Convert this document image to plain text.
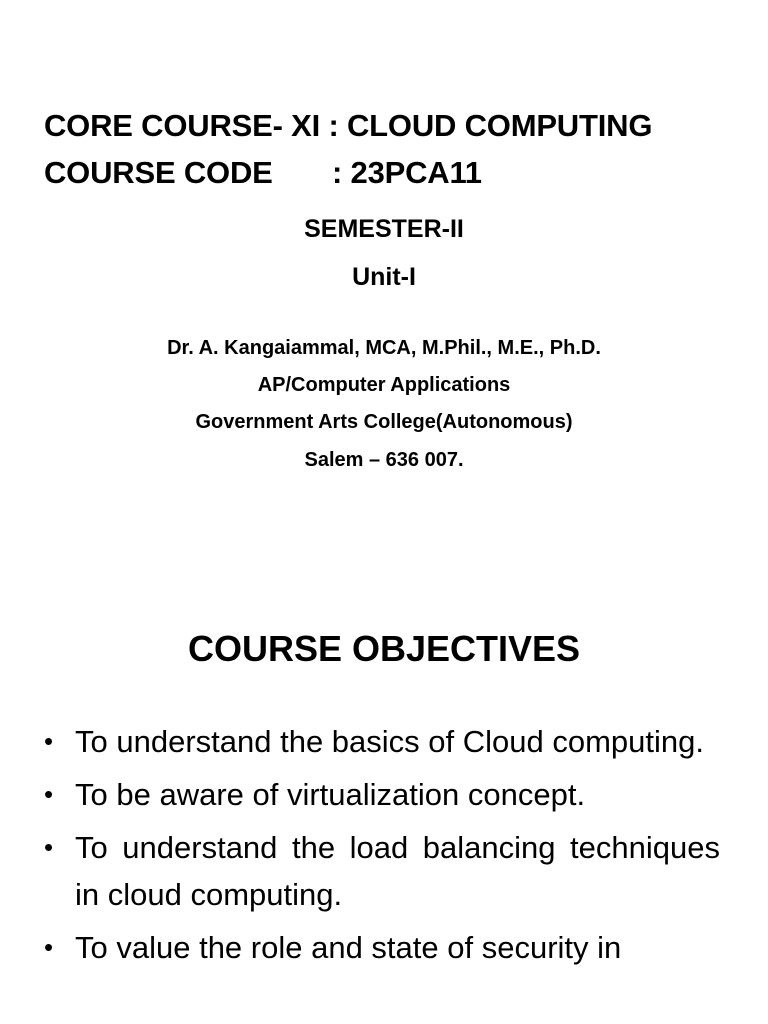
CORE COURSE- XI : CLOUD COMPUTING
COURSE CODE : 23PCA11
SEMESTER-II
Unit-I
Dr. A. Kangaiammal, MCA, M.Phil., M.E., Ph.D.
AP/Computer Applications
Government Arts College(Autonomous)
Salem – 636 007.
COURSE OBJECTIVES
• To understand the basics of Cloud computing.
• To be aware of virtualization concept.
• To understand the load balancing techniques in cloud computing.
• To value the role and state of security in
